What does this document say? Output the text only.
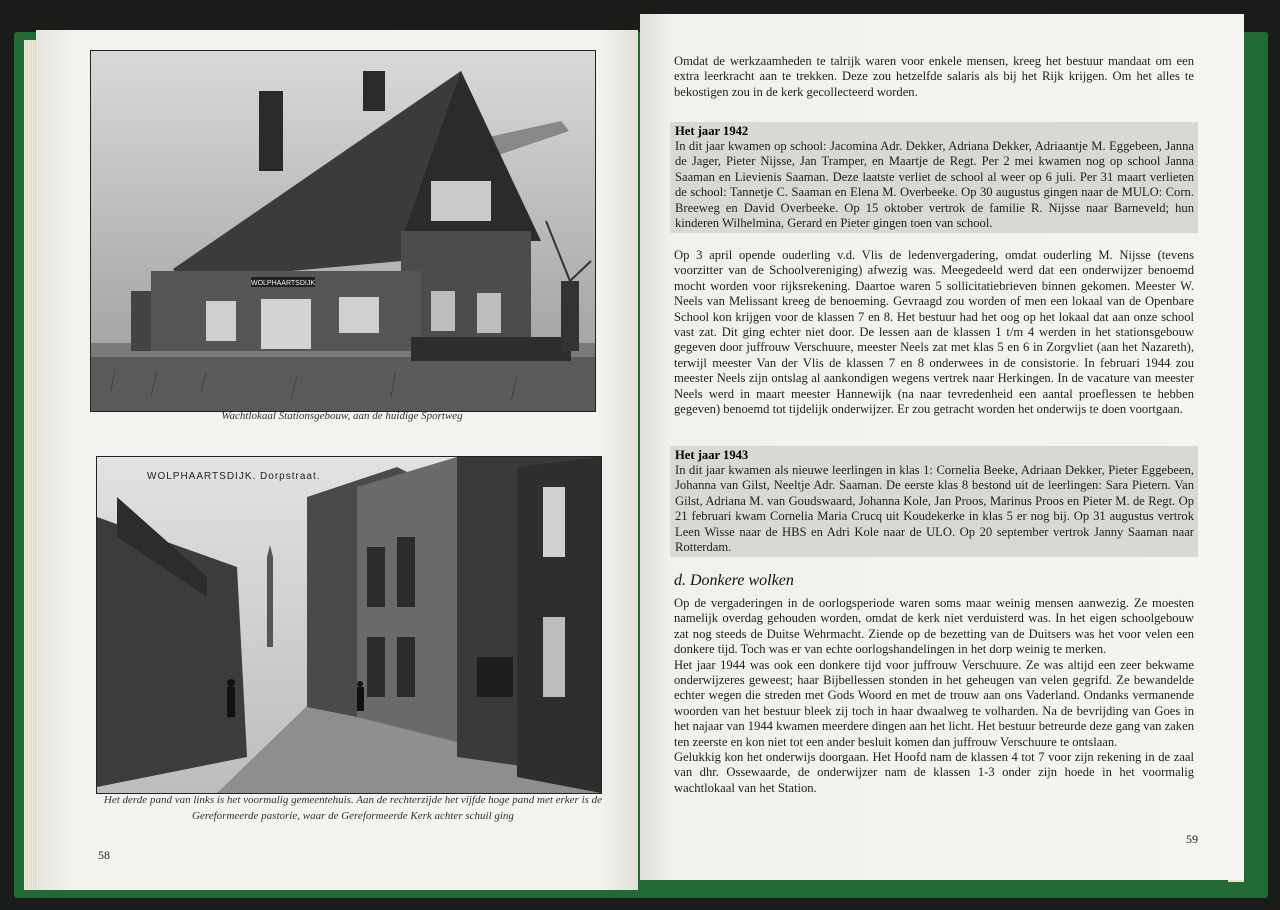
WOLPHAARTSDIJK
Wachtlokaal Stationsgebouw, aan de huidige Sportweg
WOLPHAARTSDIJK. Dorpstraat.
Het derde pand van links is het voormalig gemeentehuis. Aan de rechterzijde het vijfde hoge pand met erker is de Gereformeerde pastorie, waar de Gereformeerde Kerk achter schuil ging
58

Omdat de werkzaamheden te talrijk waren voor enkele mensen, kreeg het bestuur mandaat om een extra leerkracht aan te trekken. Deze zou hetzelfde salaris als bij het Rijk krijgen. Om het alles te bekostigen zou in de kerk gecollecteerd worden.

Het jaar 1942

In dit jaar kwamen op school: Jacomina Adr. Dekker, Adriana Dekker, Adriaantje M. Eggebeen, Janna de Jager, Pieter Nijsse, Jan Tramper, en Maartje de Regt. Per 2 mei kwamen nog op school Janna Saaman en Lievienis Saaman. Deze laatste verliet de school al weer op 6 juli. Per 31 maart verlieten de school: Tannetje C. Saaman en Elena M. Overbeeke. Op 30 augustus gingen naar de MULO: Corn. Breeweg en David Overbeeke. Op 15 oktober vertrok de familie R. Nijsse naar Barneveld; hun kinderen Wilhelmina, Gerard en Pieter gingen toen van school.

Op 3 april opende ouderling v.d. Vlis de ledenvergadering, omdat ouderling M. Nijsse (tevens voorzitter van de Schoolvereniging) afwezig was. Meegedeeld werd dat een onderwijzer benoemd mocht worden voor rijksrekening. Daartoe waren 5 sollicitatiebrieven binnen gekomen. Meester W. Neels van Melissant kreeg de benoeming. Gevraagd zou worden of men een lokaal van de Openbare School kon krijgen voor de klassen 7 en 8. Het bestuur had het oog op het lokaal dat aan onze school vast zat. Dit ging echter niet door. De lessen aan de klassen 1 t/m 4 werden in het stationsgebouw gegeven door juffrouw Verschuure, meester Neels zat met klas 5 en 6 in Zorgvliet (aan het Nazareth), terwijl meester Van der Vlis de klassen 7 en 8 onderwees in de consistorie. In februari 1944 zou meester Neels zijn ontslag al aankondigen wegens vertrek naar Herkingen. In de vacature van meester Neels werd in maart meester Hannewijk (na naar tevredenheid een aantal proeflessen te hebben gegeven) benoemd tot tijdelijk onderwijzer. Er zou getracht worden het onderwijs te doen voortgaan.

Het jaar 1943

In dit jaar kwamen als nieuwe leerlingen in klas 1: Cornelia Beeke, Adriaan Dekker, Pieter Eggebeen, Johanna van Gilst, Neeltje Adr. Saaman. De eerste klas 8 bestond uit de leerlingen: Sara Pietern. Van Gilst, Adriana M. van Goudswaard, Johanna Kole, Jan Proos, Marinus Proos en Pieter M. de Regt. Op 21 februari kwam Cornelia Maria Crucq uit Koudekerke in klas 5 er nog bij. Op 31 augustus vertrok Leen Wisse naar de HBS en Adri Kole naar de ULO. Op 20 september vertrok Janny Saaman naar Rotterdam.

d. Donkere wolken

Op de vergaderingen in de oorlogsperiode waren soms maar weinig mensen aanwezig. Ze moesten namelijk overdag gehouden worden, omdat de kerk niet verduisterd was. In het eigen schoolgebouw zat nog steeds de Duitse Wehrmacht. Ziende op de bezetting van de Duitsers was het voor velen een donkere tijd. Toch was er van echte oorlogshandelingen in het dorp weinig te merken.

Het jaar 1944 was ook een donkere tijd voor juffrouw Verschuure. Ze was altijd een zeer bekwame onderwijzeres geweest; haar Bijbellessen stonden in het geheugen van velen gegrifd. Ze bewandelde echter wegen die streden met Gods Woord en met de trouw aan ons Vaderland. Ondanks vermanende woorden van het bestuur bleek zij toch in haar dwaalweg te volharden. Na de bevrijding van Goes in het najaar van 1944 kwamen meerdere dingen aan het licht. Het bestuur betreurde deze gang van zaken ten zeerste en kon niet tot een ander besluit komen dan juffrouw Verschuure te ontslaan.

Gelukkig kon het onderwijs doorgaan. Het Hoofd nam de klassen 4 tot 7 voor zijn rekening in de zaal van dhr. Ossewaarde, de onderwijzer nam de klassen 1-3 onder zijn hoede in het voormalig wachtlokaal van het Station.

59
